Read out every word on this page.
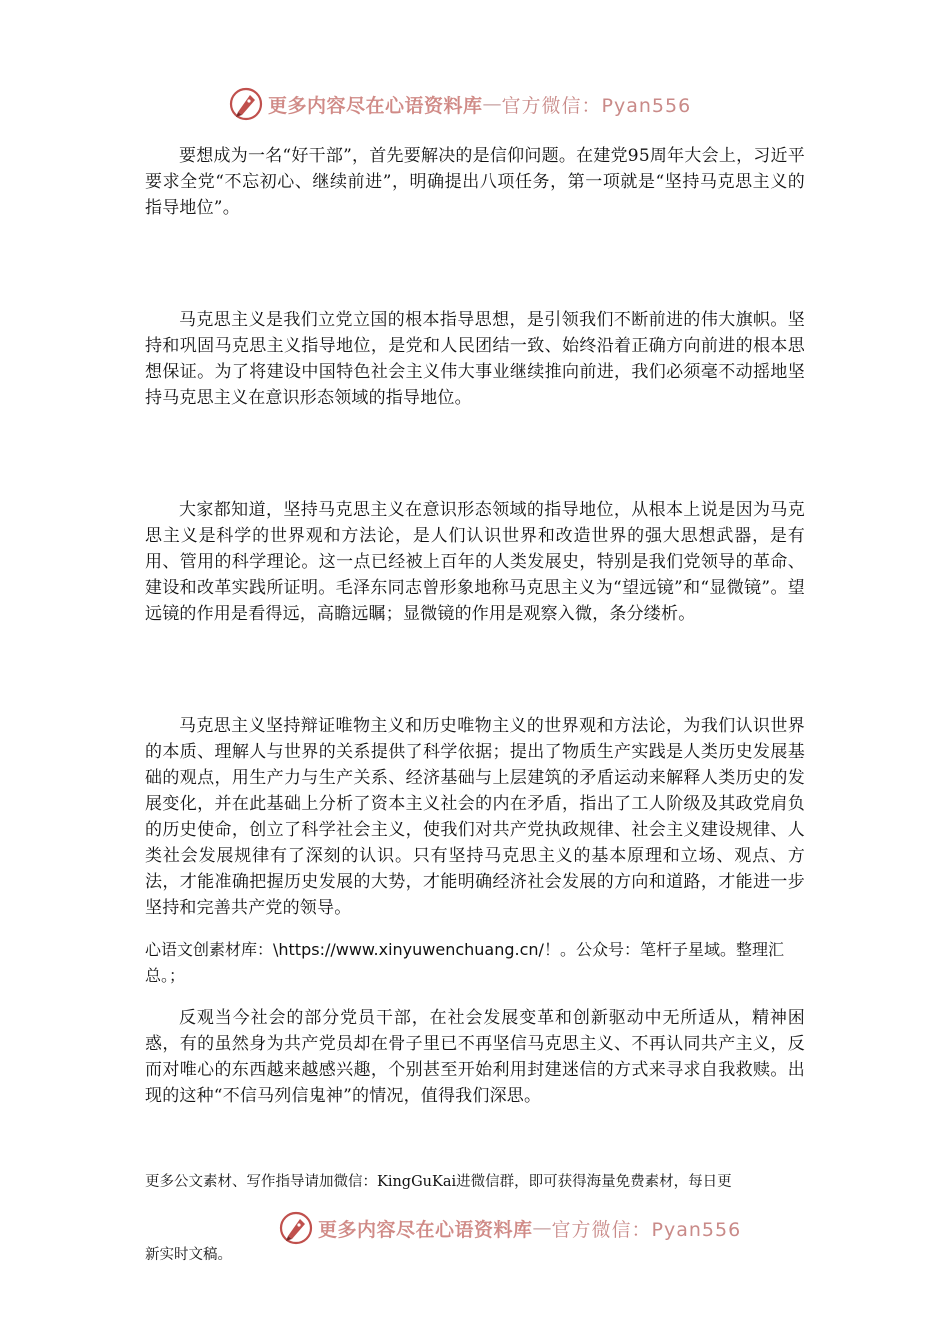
更多内容尽在心语资料库 — 官方微信：Pyan556

要想成为一名“好干部”，首先要解决的是信仰问题。在建党95周年大会上，习近平要求全党“不忘初心、继续前进”，明确提出八项任务，第一项就是“坚持马克思主义的指导地位”。

马克思主义是我们立党立国的根本指导思想，是引领我们不断前进的伟大旗帜。坚持和巩固马克思主义指导地位，是党和人民团结一致、始终沿着正确方向前进的根本思想保证。为了将建设中国特色社会主义伟大事业继续推向前进，我们必须毫不动摇地坚持马克思主义在意识形态领域的指导地位。

大家都知道，坚持马克思主义在意识形态领域的指导地位，从根本上说是因为马克思主义是科学的世界观和方法论，是人们认识世界和改造世界的强大思想武器，是有用、管用的科学理论。这一点已经被上百年的人类发展史，特别是我们党领导的革命、建设和改革实践所证明。毛泽东同志曾形象地称马克思主义为“望远镜”和“显微镜”。望远镜的作用是看得远，高瞻远瞩；显微镜的作用是观察入微，条分缕析。

马克思主义坚持辩证唯物主义和历史唯物主义的世界观和方法论，为我们认识世界的本质、理解人与世界的关系提供了科学依据；提出了物质生产实践是人类历史发展基础的观点，用生产力与生产关系、经济基础与上层建筑的矛盾运动来解释人类历史的发展变化，并在此基础上分析了资本主义社会的内在矛盾，指出了工人阶级及其政党肩负的历史使命，创立了科学社会主义，使我们对共产党执政规律、社会主义建设规律、人类社会发展规律有了深刻的认识。只有坚持马克思主义的基本原理和立场、观点、方法，才能准确把握历史发展的大势，才能明确经济社会发展的方向和道路，才能进一步坚持和完善共产党的领导。

心语文创素材库：\https://www.xinyuwenchuang.cn/！。公众号：笔杆子星域。整理汇总。；

反观当今社会的部分党员干部，在社会发展变革和创新驱动中无所适从，精神困惑，有的虽然身为共产党员却在骨子里已不再坚信马克思主义、不再认同共产主义，反而对唯心的东西越来越感兴趣，个别甚至开始利用封建迷信的方式来寻求自我救赎。出现的这种“不信马列信鬼神”的情况，值得我们深思。

更多公文素材、写作指导请加微信：KingGuKai进微信群，即可获得海量免费素材，每日更

更多内容尽在心语资料库 — 官方微信：Pyan556

新实时文稿。
